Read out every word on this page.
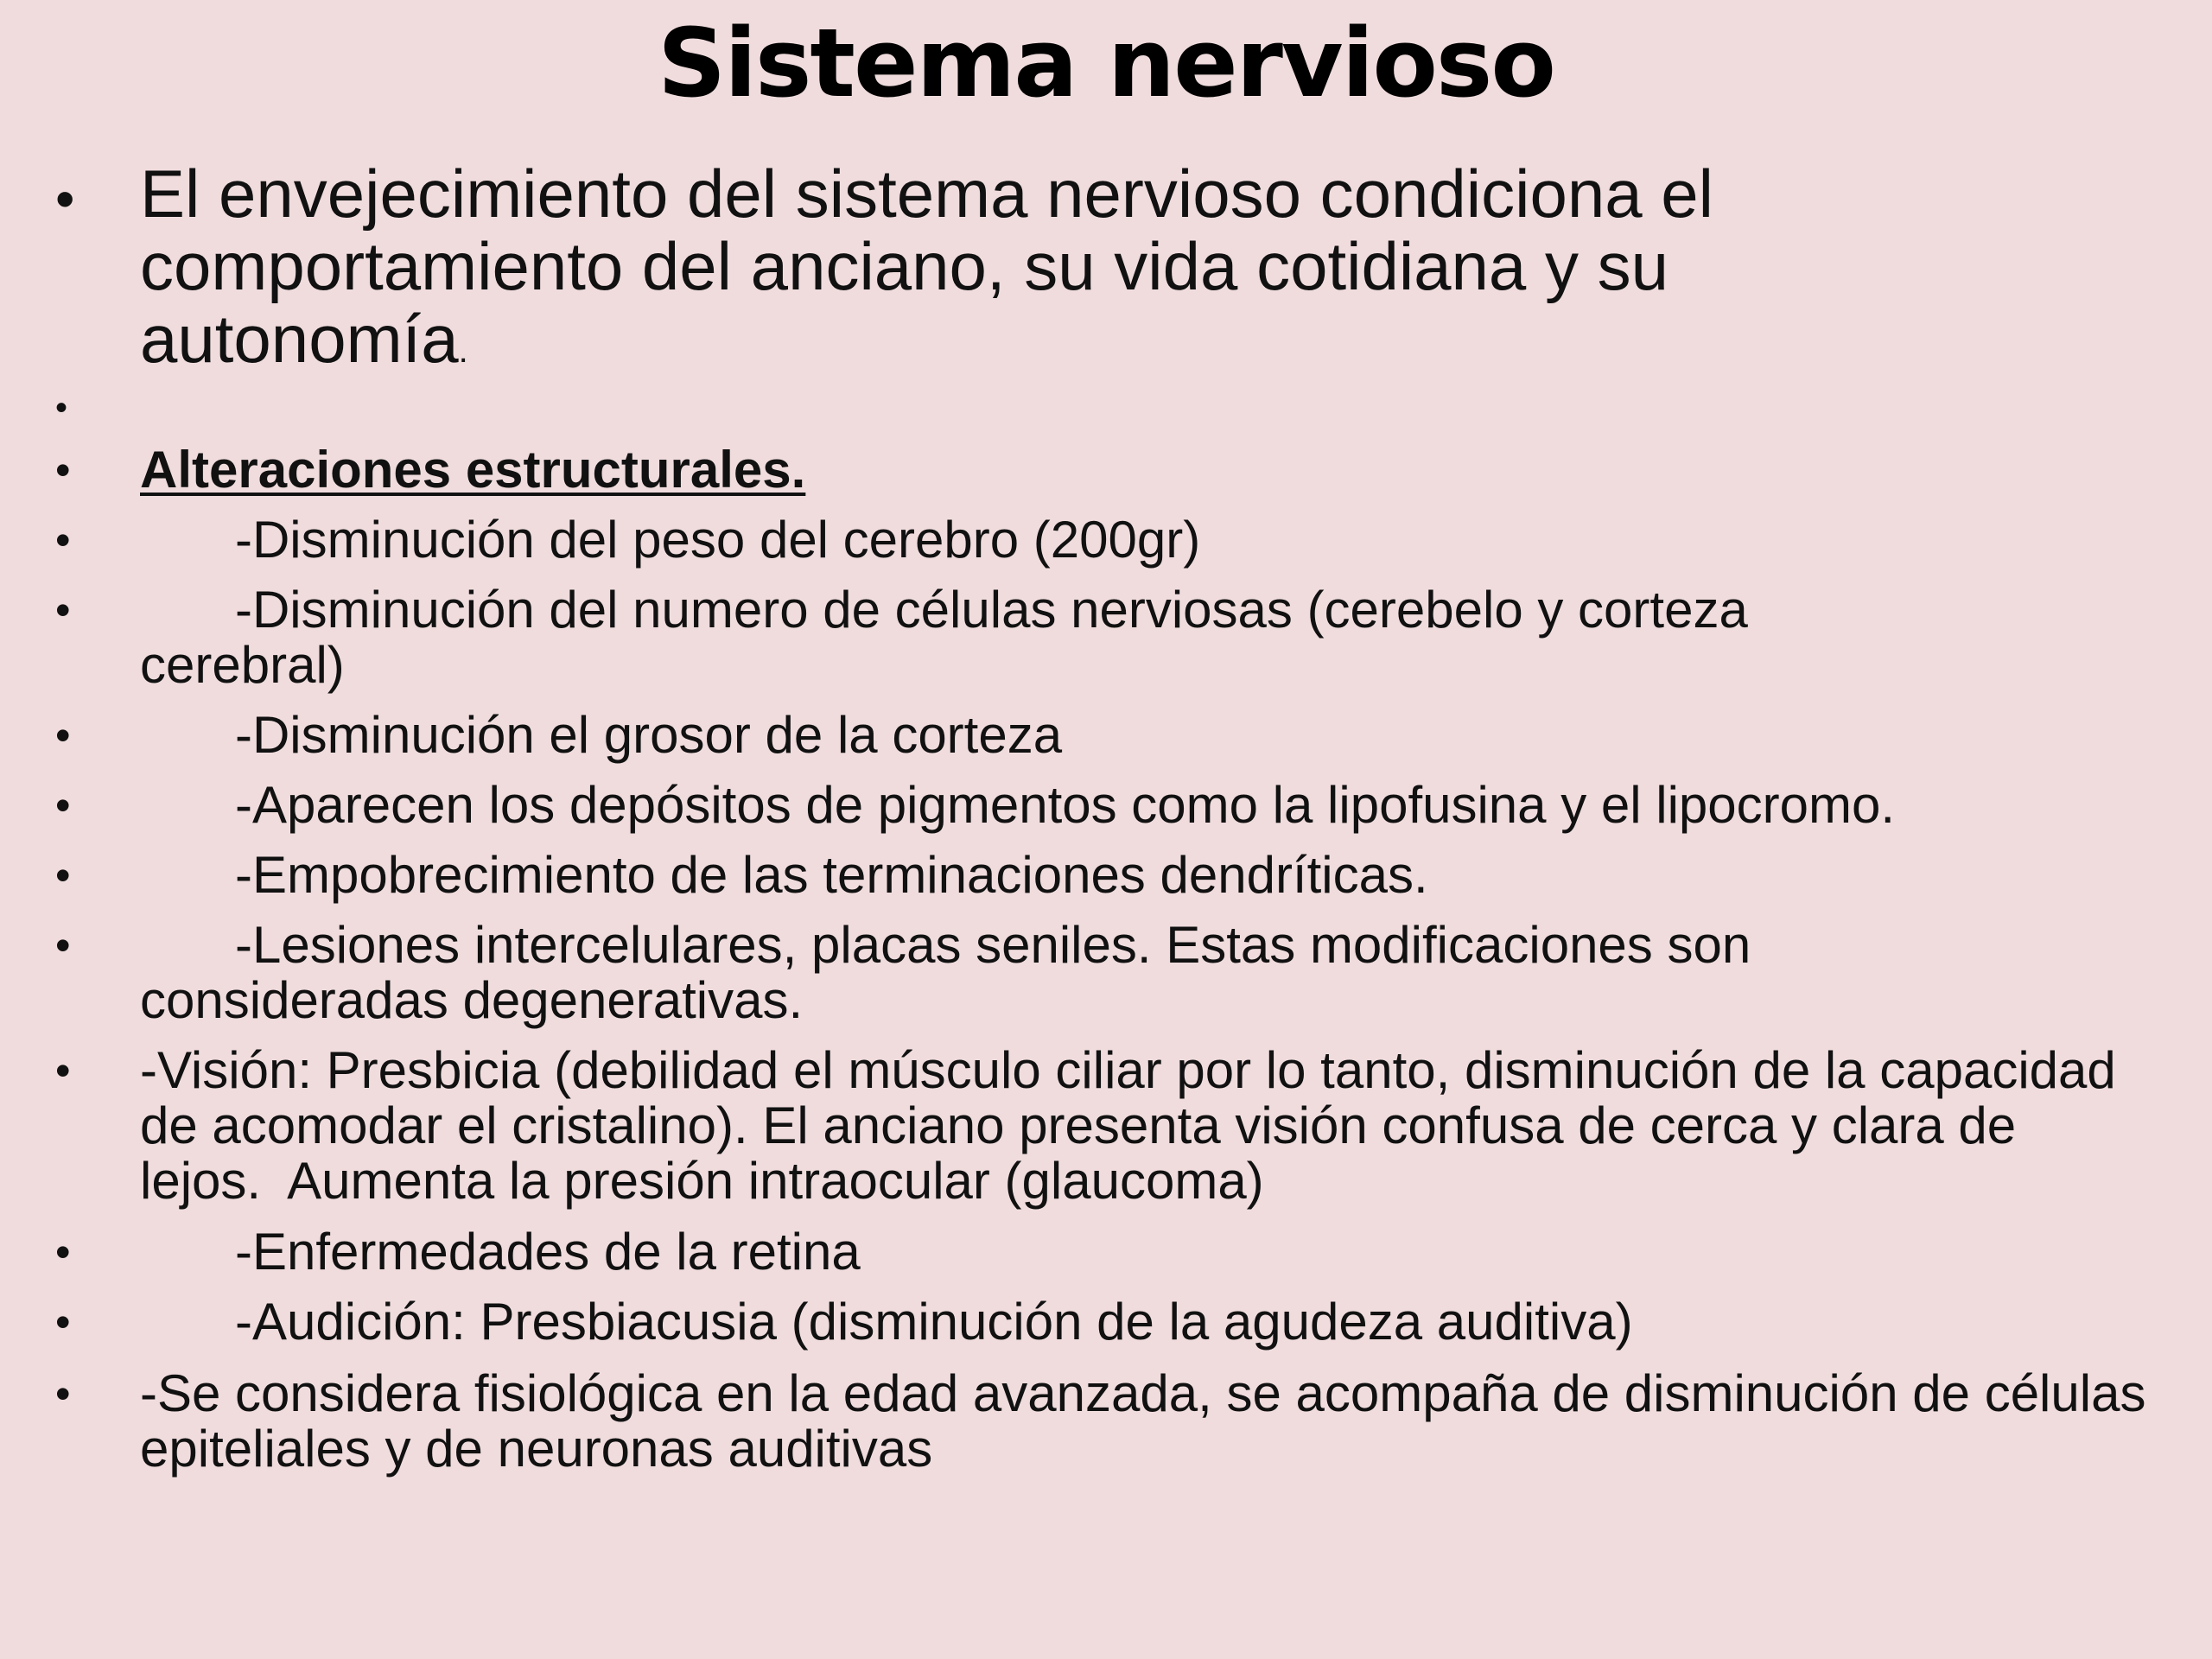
Sistema nervioso
• El envejecimiento del sistema nervioso condiciona el comportamiento del anciano, su vida cotidiana y su autonomía.
•
• Alteraciones estructurales.
•	-Disminución del peso del cerebro (200gr)
•	-Disminución del numero de células nerviosas (cerebelo y corteza
cerebral)
•	-Disminución el grosor de la corteza
•	-Aparecen los depósitos de pigmentos como la lipofusina y el lipocromo.
•	-Empobrecimiento de las terminaciones dendríticas.
•	-Lesiones intercelulares, placas seniles. Estas modificaciones son
consideradas degenerativas.
• -Visión: Presbicia (debilidad el músculo ciliar por lo tanto, disminución de la capacidad de acomodar el cristalino). El anciano presenta visión confusa de cerca y clara de lejos.  Aumenta la presión intraocular (glaucoma)
•	-Enfermedades de la retina
•	-Audición: Presbiacusia (disminución de la agudeza auditiva)
• -Se considera fisiológica en la edad avanzada, se acompaña de disminución de células epiteliales y de neuronas auditivas
